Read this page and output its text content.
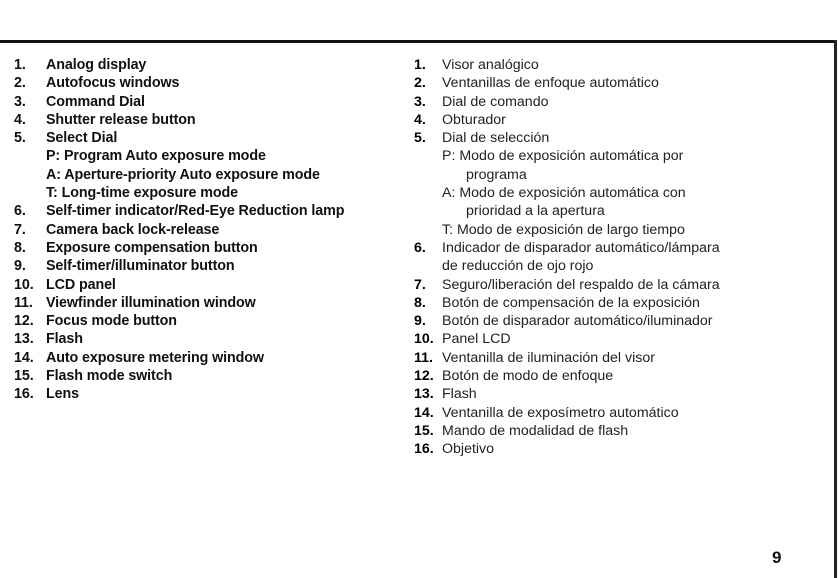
1.	Analog display
2.	Autofocus windows
3.	Command Dial
4.	Shutter release button
5.	Select Dial
P: Program Auto exposure mode
A: Aperture-priority Auto exposure mode
T: Long-time exposure mode
6.	Self-timer indicator/Red-Eye Reduction lamp
7.	Camera back lock-release
8.	Exposure compensation button
9.	Self-timer/illuminator button
10. LCD panel
11. Viewfinder illumination window
12. Focus mode button
13. Flash
14. Auto exposure metering window
15. Flash mode switch
16. Lens
1.	Visor analógico
2.	Ventanillas de enfoque automático
3.	Dial de comando
4.	Obturador
5.	Dial de selección
P: Modo de exposición automática por
programa
A: Modo de exposición automática con
prioridad a la apertura
T: Modo de exposición de largo tiempo
6.	Indicador de disparador automático/lámpara
de reducción de ojo rojo
7.	Seguro/liberación del respaldo de la cámara
8.	Botón de compensación de la exposición
9.	Botón de disparador automático/iluminador
10. Panel LCD
11. Ventanilla de iluminación del visor
12. Botón de modo de enfoque
13. Flash
14. Ventanilla de exposímetro automático
15. Mando de modalidad de flash
16. Objetivo
9
